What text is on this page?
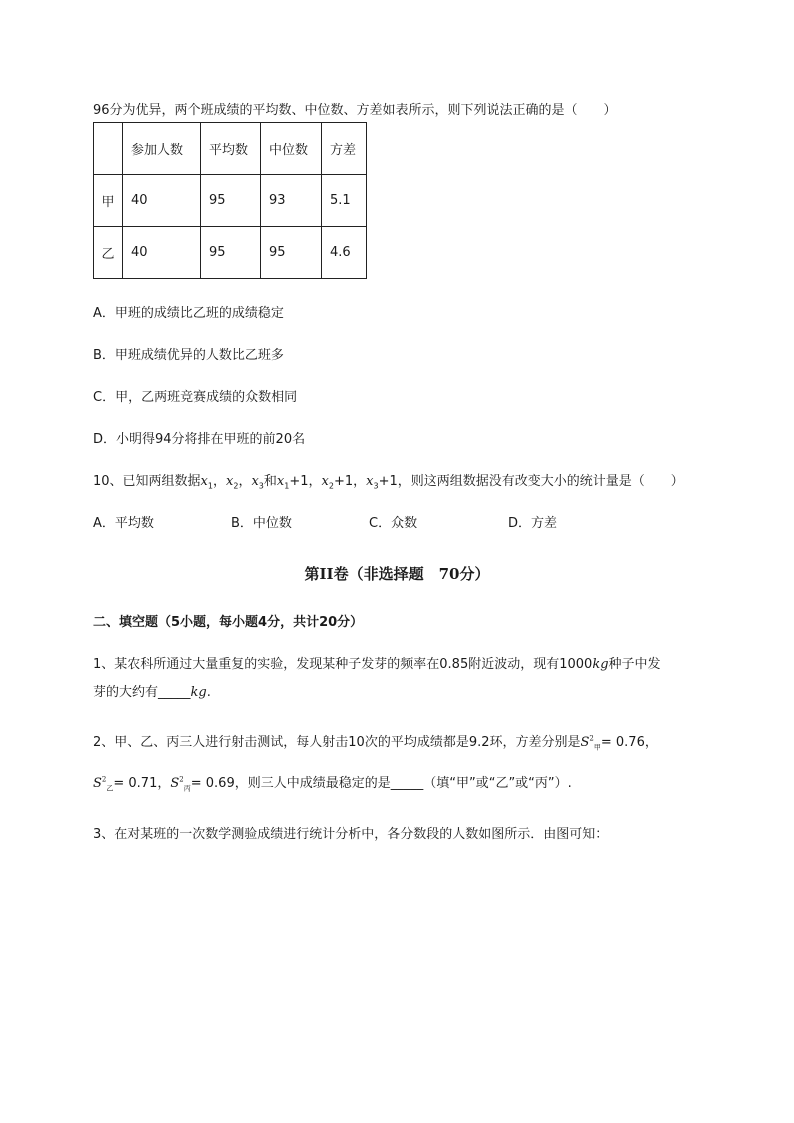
96分为优异，两个班成绩的平均数、中位数、方差如表所示，则下列说法正确的是（　　）
	参加人数	平均数	中位数	方差
甲	40	95	93	5.1
乙	40	95	95	4.6
A．甲班的成绩比乙班的成绩稳定
B．甲班成绩优异的人数比乙班多
C．甲，乙两班竞赛成绩的众数相同
D．小明得94分将排在甲班的前20名
10、已知两组数据$x_1$，$x_2$，$x_3$和$x_1+1$，$x_2+1$，$x_3+1$，则这两组数据没有改变大小的统计量是（　　）
A．平均数	B．中位数	C．众数	D．方差
第II卷（非选择题　70分）
二、填空题（5小题，每小题4分，共计20分）
1、某农科所通过大量重复的实验，发现某种子发芽的频率在0.85附近波动，现有1000kg种子中发
芽的大约有_____kg.
2、甲、乙、丙三人进行射击测试，每人射击10次的平均成绩都是9.2环，方差分别是$S^2_甲= 0.76$，
$S^2_乙= 0.71$，$S^2_丙= 0.69$，则三人中成绩最稳定的是_____（填“甲”或“乙”或“丙”）.
3、在对某班的一次数学测验成绩进行统计分析中，各分数段的人数如图所示．由图可知：
